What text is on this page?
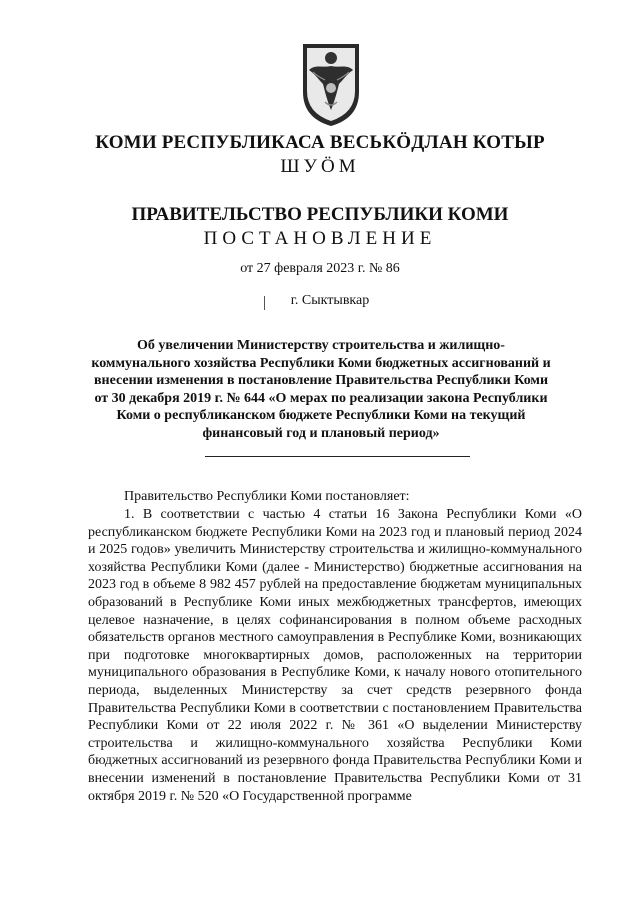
КОМИ РЕСПУБЛИКАСА ВЕСЬКӦДЛАН КОТЫР
ШУӦМ
ПРАВИТЕЛЬСТВО РЕСПУБЛИКИ КОМИ
ПОСТАНОВЛЕНИЕ
от 27 февраля 2023 г. № 86
г. Сыктывкар
Об увеличении Министерству строительства и жилищно-коммунального хозяйства Республики Коми бюджетных ассигнований и внесении изменения в постановление Правительства Республики Коми от 30 декабря 2019 г. № 644 «О мерах по реализации закона Республики Коми о республиканском бюджете Республики Коми на текущий финансовый год и плановый период»
Правительство Республики Коми постановляет:
1. В соответствии с частью 4 статьи 16 Закона Республики Коми «О республиканском бюджете Республики Коми на 2023 год и плановый период 2024 и 2025 годов» увеличить Министерству строительства и жилищно-коммунального хозяйства Республики Коми (далее - Министерство) бюджетные ассигнования на 2023 год в объеме 8 982 457 рублей на предоставление бюджетам муниципальных образований в Республике Коми иных межбюджетных трансфертов, имеющих целевое назначение, в целях софинансирования в полном объеме расходных обязательств органов местного самоуправления в Республике Коми, возникающих при подготовке многоквартирных домов, расположенных на территории муниципального образования в Республике Коми, к началу нового отопительного периода, выделенных Министерству за счет средств резервного фонда Правительства Республики Коми в соответствии с постановлением Правительства Республики Коми от 22 июля 2022 г. № 361 «О выделении Министерству строительства и жилищно-коммунального хозяйства Республики Коми бюджетных ассигнований из резервного фонда Правительства Республики Коми и внесении изменений в постановление Правительства Республики Коми от 31 октября 2019 г. № 520 «О Государственной программе
